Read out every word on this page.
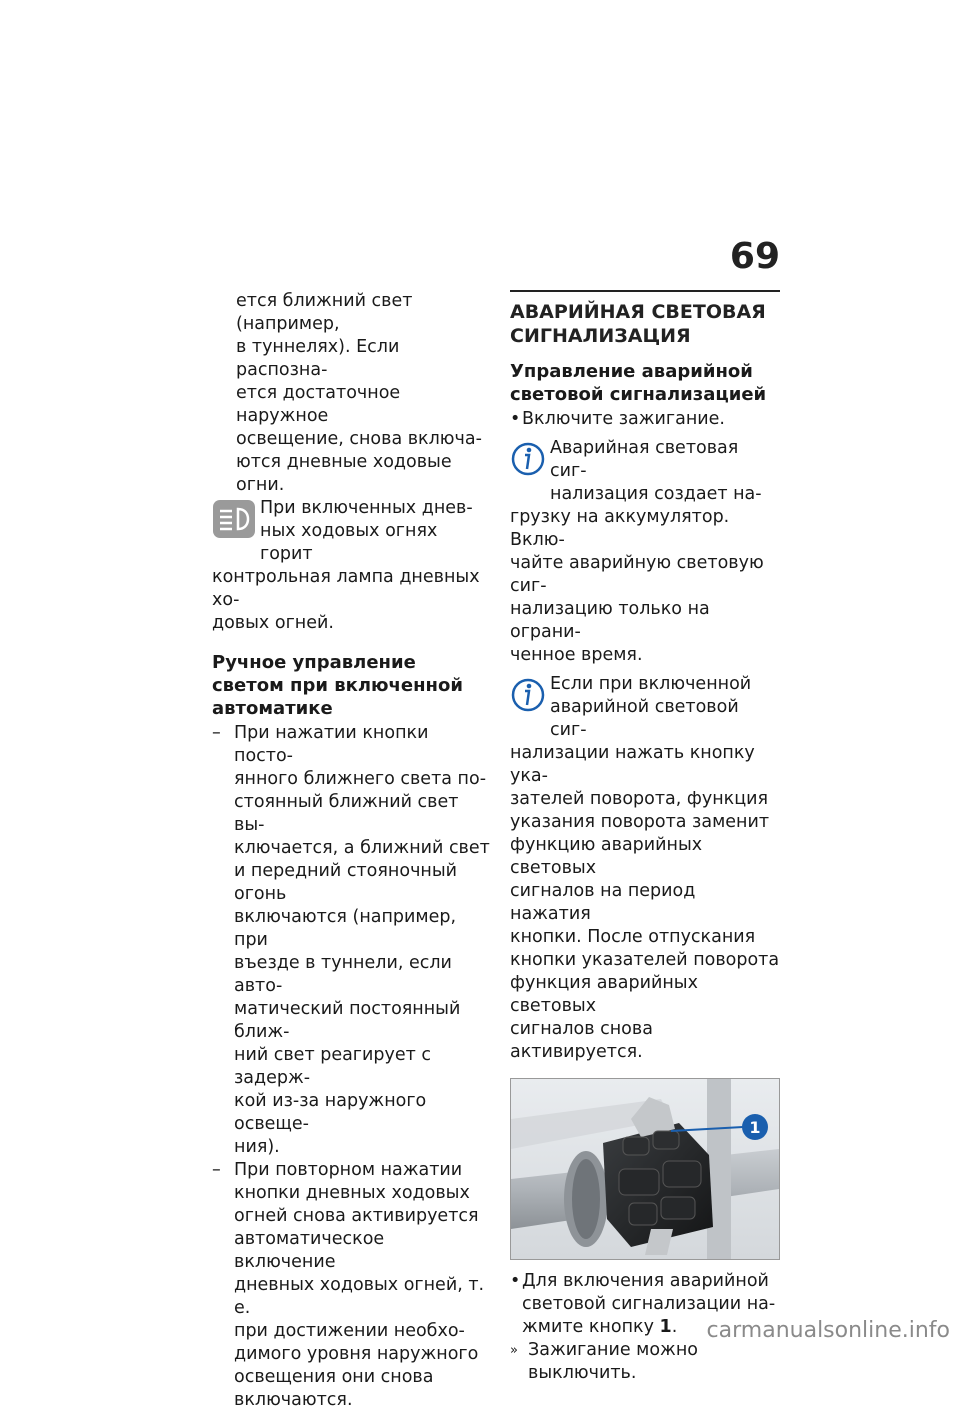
69
ется ближний свет (например,
в туннелях). Если распозна-
ется достаточное наружное
освещение, снова включа-
ются дневные ходовые огни.
При включенных днев-
ных ходовых огнях горит
контрольная лампа дневных хо-
довых огней.
Ручное управление
светом при включенной
автоматике
– При нажатии кнопки посто-
янного ближнего света по-
стоянный ближний свет вы-
ключается, а ближний свет
и передний стояночный огонь
включаются (например, при
въезде в туннели, если авто-
матический постоянный ближ-
ний свет реагирует с задерж-
кой из-за наружного освеще-
ния).
– При повторном нажатии
кнопки дневных ходовых
огней снова активируется
автоматическое включение
дневных ходовых огней, т. е.
при достижении необхо-
димого уровня наружного
освещения они снова
включаются.
АВАРИЙНАЯ СВЕТОВАЯ
СИГНАЛИЗАЦИЯ
Управление аварийной
световой сигнализацией
• Включите зажигание.
Аварийная световая сиг-
нализация создает на-
грузку на аккумулятор. Вклю-
чайте аварийную световую сиг-
нализацию только на ограни-
ченное время.
Если при включенной
аварийной световой сиг-
нализации нажать кнопку ука-
зателей поворота, функция
указания поворота заменит
функцию аварийных световых
сигналов на период нажатия
кнопки. После отпускания
кнопки указателей поворота
функция аварийных световых
сигналов снова активируется.
1
• Для включения аварийной
световой сигнализации на-
жмите кнопку 1.
» Зажигание можно выключить.
carmanualsonline.info
